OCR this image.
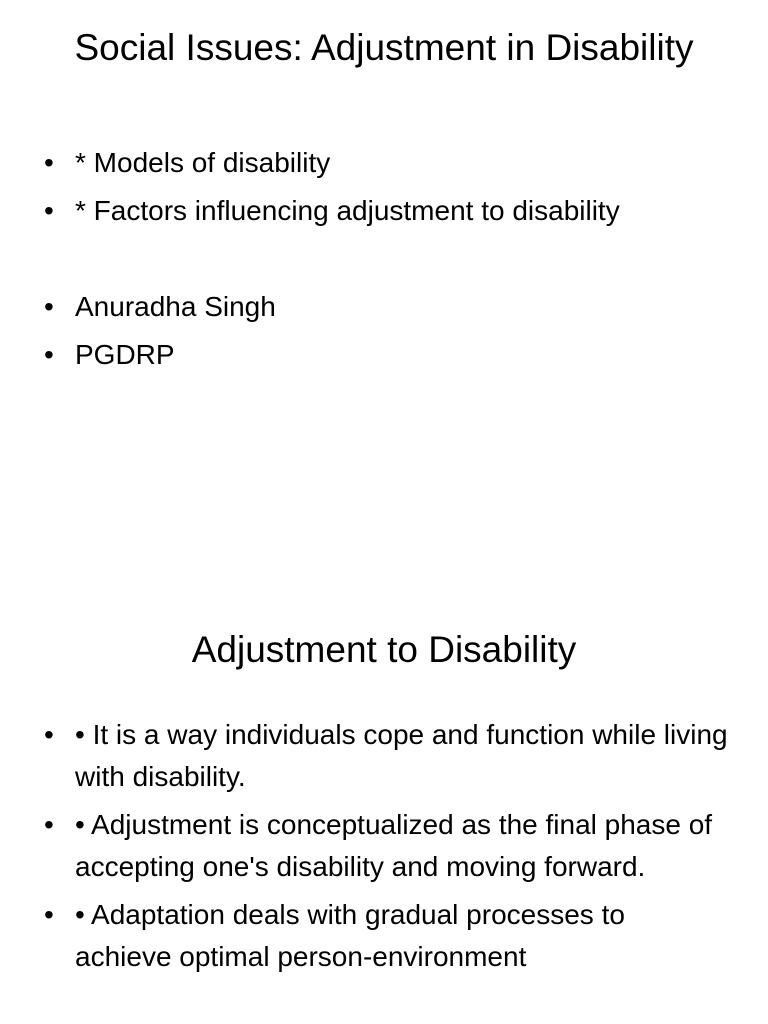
Social Issues: Adjustment in Disability
• * Models of disability
• * Factors influencing adjustment to disability
• Anuradha Singh
• PGDRP
Adjustment to Disability
• • It is a way individuals cope and function while living with disability.
• • Adjustment is conceptualized as the final phase of accepting one's disability and moving forward.
• • Adaptation deals with gradual processes to achieve optimal person-environment
